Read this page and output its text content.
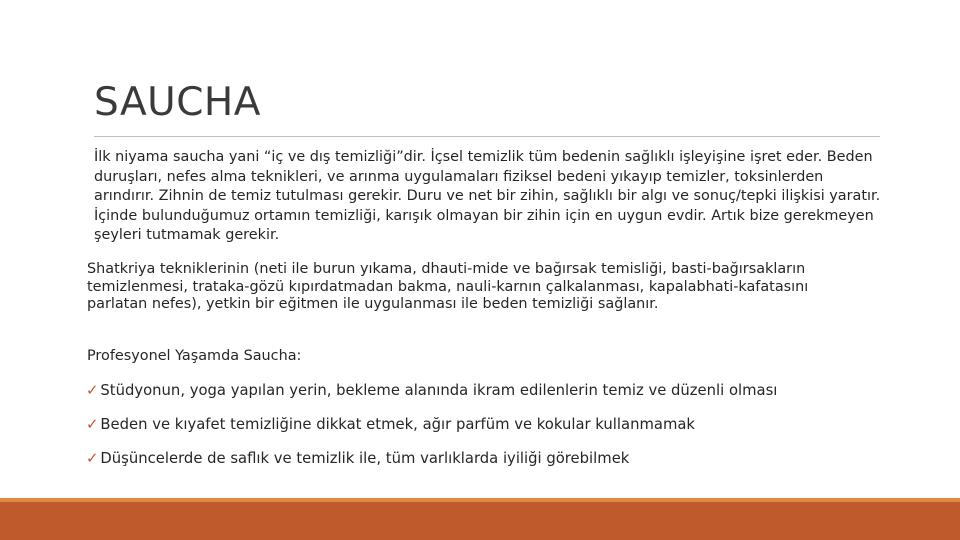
SAUCHA
İlk niyama saucha yani “iç ve dış temizliği”dir. İçsel temizlik tüm bedenin sağlıklı işleyişine işret eder. Beden duruşları, nefes alma teknikleri, ve arınma uygulamaları fiziksel bedeni yıkayıp temizler, toksinlerden arındırır. Zihnin de temiz tutulması gerekir. Duru ve net bir zihin, sağlıklı bir algı ve sonuç/tepki ilişkisi yaratır. İçinde bulunduğumuz ortamın temizliği, karışık olmayan bir zihin için en uygun evdir. Artık bize gerekmeyen şeyleri tutmamak gerekir.
Shatkriya tekniklerinin (neti ile burun yıkama, dhauti-mide ve bağırsak temisliği, basti-bağırsakların temizlenmesi, trataka-gözü kıpırdatmadan bakma, nauli-karnın çalkalanması, kapalabhati-kafatasını parlatan nefes), yetkin bir eğitmen ile uygulanması ile beden temizliği sağlanır.
Profesyonel Yaşamda Saucha:
✓ Stüdyonun, yoga yapılan yerin, bekleme alanında ikram edilenlerin temiz ve düzenli olması
✓ Beden ve kıyafet temizliğine dikkat etmek, ağır parfüm ve kokular kullanmamak
✓ Düşüncelerde de saflık ve temizlik ile, tüm varlıklarda iyiliği görebilmek
